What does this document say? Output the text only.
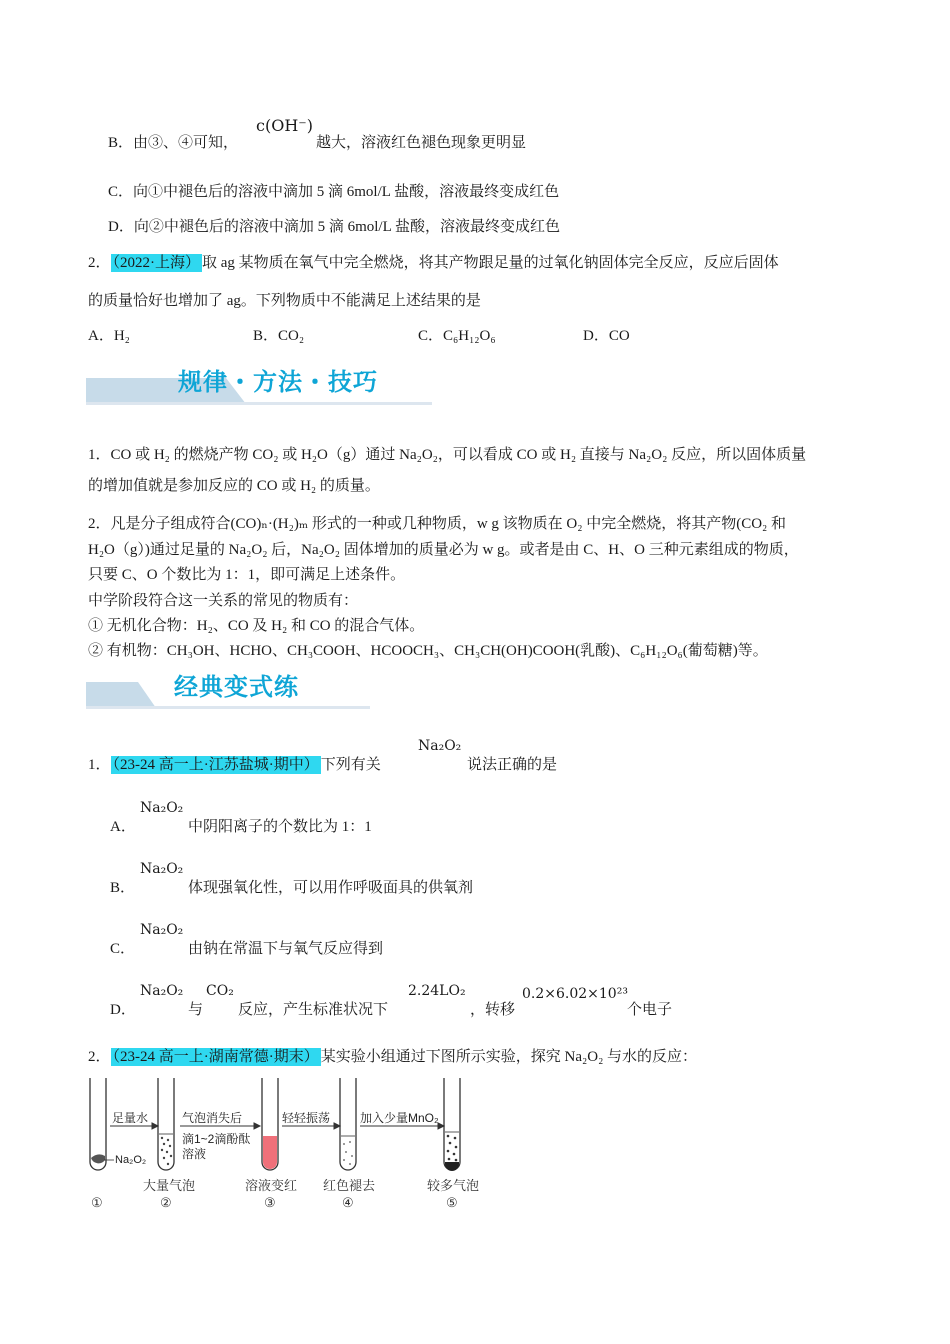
B．由③、④可知，
c(OH⁻)
越大，溶液红色褪色现象更明显
C．向①中褪色后的溶液中滴加 5 滴 6mol/L 盐酸，溶液最终变成红色
D．向②中褪色后的溶液中滴加 5 滴 6mol/L 盐酸，溶液最终变成红色
2． （2022·上海） 取 ag 某物质在氧气中完全燃烧，将其产物跟足量的过氧化钠固体完全反应，反应后固体
的质量恰好也增加了 ag。下列物质中不能满足上述结果的是
A．H₂	B．CO₂	C．C₆H₁₂O₆	D．CO
规律・方法・技巧
1．CO 或 H₂ 的燃烧产物 CO₂ 或 H₂O（g）通过 Na₂O₂，可以看成 CO 或 H₂ 直接与 Na₂O₂ 反应，所以固体质量
的增加值就是参加反应的 CO 或 H₂ 的质量。
2．凡是分子组成符合(CO)ₙ·(H₂)ₘ 形式的一种或几种物质，w g 该物质在 O₂ 中完全燃烧，将其产物(CO₂ 和
H₂O（g）)通过足量的 Na₂O₂ 后，Na₂O₂ 固体增加的质量必为 w g。或者是由 C、H、O 三种元素组成的物质，
只要 C、O 个数比为 1：1，即可满足上述条件。
中学阶段符合这一关系的常见的物质有：
① 无机化合物：H₂、CO 及 H₂ 和 CO 的混合气体。
② 有机物：CH₃OH、HCHO、CH₃COOH、HCOOCH₃、CH₃CH(OH)COOH(乳酸)、C₆H₁₂O₆(葡萄糖)等。
经典变式练
1． （23-24 高一上·江苏盐城·期中） 下列有关
Na₂O₂
说法正确的是
A．
Na₂O₂
中阴阳离子的个数比为 1：1
B．
Na₂O₂
体现强氧化性，可以用作呼吸面具的供氧剂
C．
Na₂O₂
由钠在常温下与氧气反应得到
D．
Na₂O₂
与
CO₂
反应，产生标准状况下
2.24LO₂
，转移
0.2×6.02×10²³
个电子
2． （23-24 高一上·湖南常德·期末） 某实验小组通过下图所示实验，探究 Na₂O₂ 与水的反应：
足量水	气泡消失后
滴1~2滴酚酞
溶液
轻轻振荡 加入少量MnO₂
Na₂O₂
大量气泡	溶液变红 红色褪去	较多气泡
①	②	③	④	⑤
